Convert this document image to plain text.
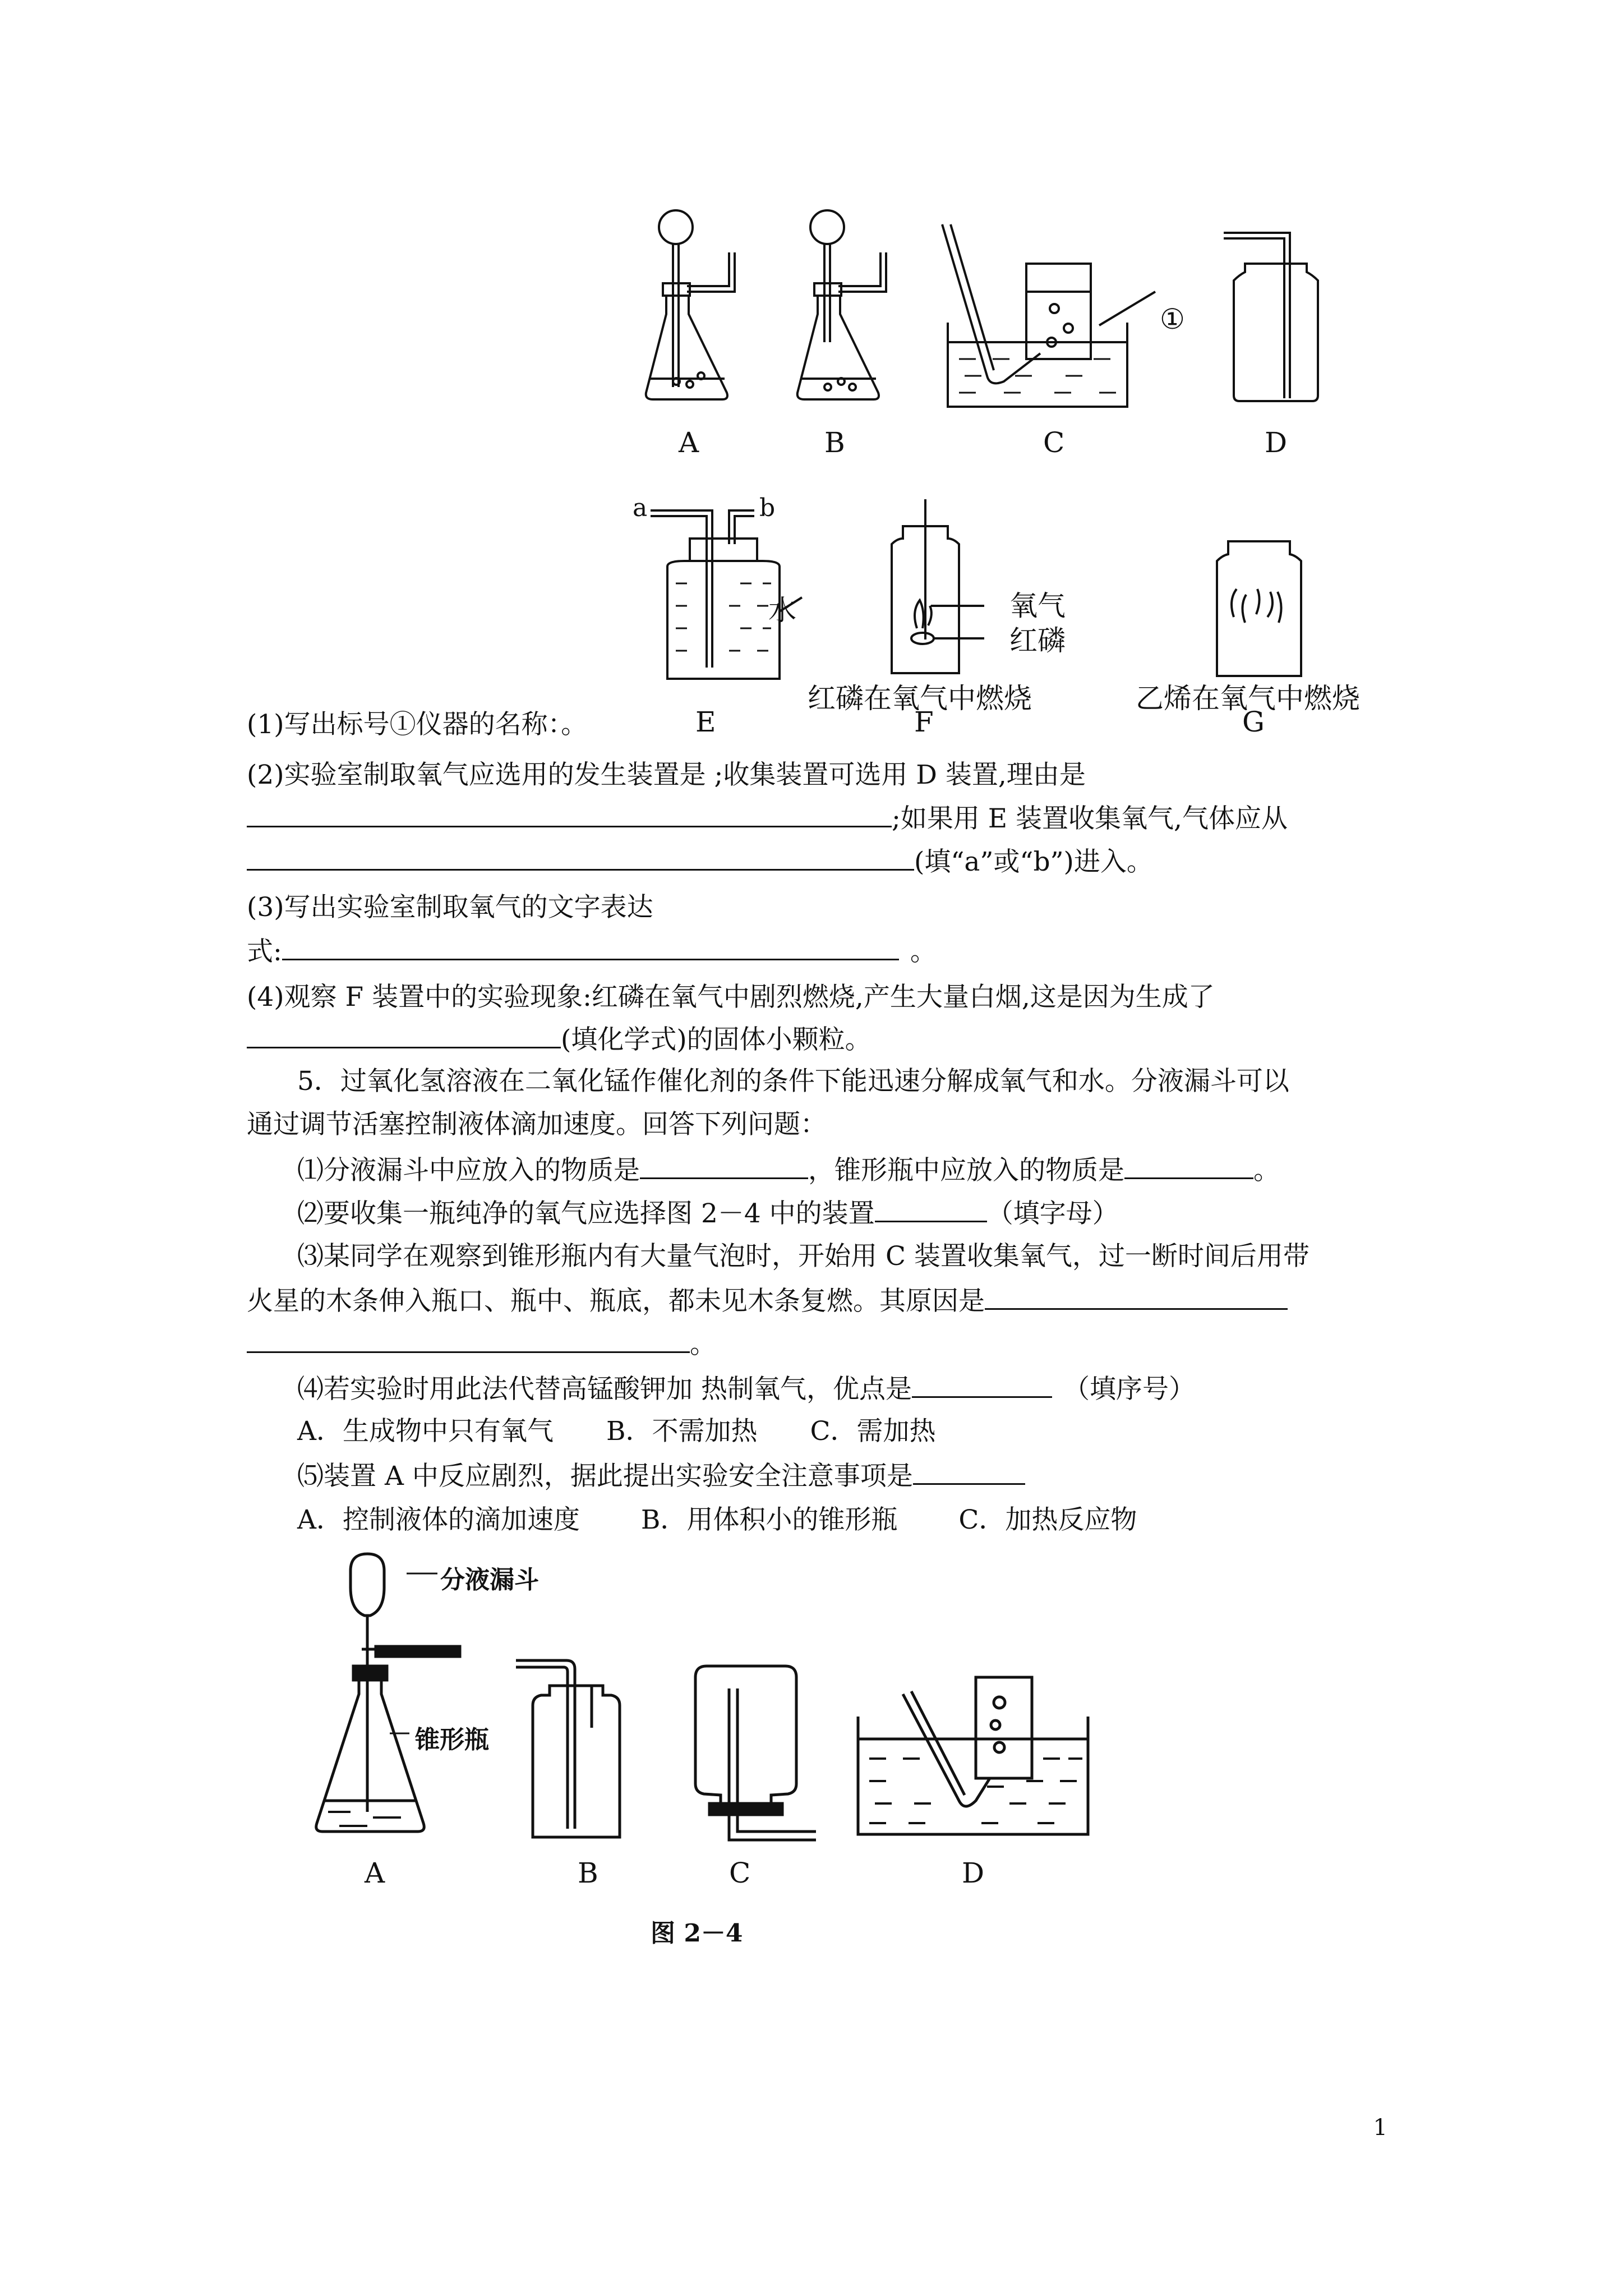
A	B
①
C	D
a	b
水	氧气
红磷
红磷在氧气中燃烧	乙烯在氧气中燃烧
(1)写出标号①仪器的名称：。	E	F	G
(2)实验室制取氧气应选用的发生装置是 ;收集装置可选用 D 装置,理由是
;如果用 E 装置收集氧气,气体应从
(填“a”或“b”)进入。
(3)写出实验室制取氧气的文字表达
式:	。
(4)观察 F 装置中的实验现象:红磷在氧气中剧烈燃烧,产生大量白烟,这是因为生成了
(填化学式)的固体小颗粒。
5．过氧化氢溶液在二氧化锰作催化剂的条件下能迅速分解成氧气和水。分液漏斗可以
通过调节活塞控制液体滴加速度。回答下列问题：
⑴分液漏斗中应放入的物质是	，锥形瓶中应放入的物质是	。
⑵要收集一瓶纯净的氧气应选择图 2－4 中的装置	（填字母）
⑶某同学在观察到锥形瓶内有大量气泡时，开始用 C 装置收集氧气，过一断时间后用带
火星的木条伸入瓶口、瓶中、瓶底，都未见木条复燃。其原因是
。
⑷若实验时用此法代替高锰酸钾加 热制氧气，优点是	（填序号）
A．生成物中只有氧气　　B．不需加热　　C．需加热
⑸装置 A 中反应剧烈，据此提出实验安全注意事项是
A．控制液体的滴加速度　　 B．用体积小的锥形瓶　　 C．加热反应物
分液漏斗
锥形瓶
A	B	C	D
图 2－4
1
